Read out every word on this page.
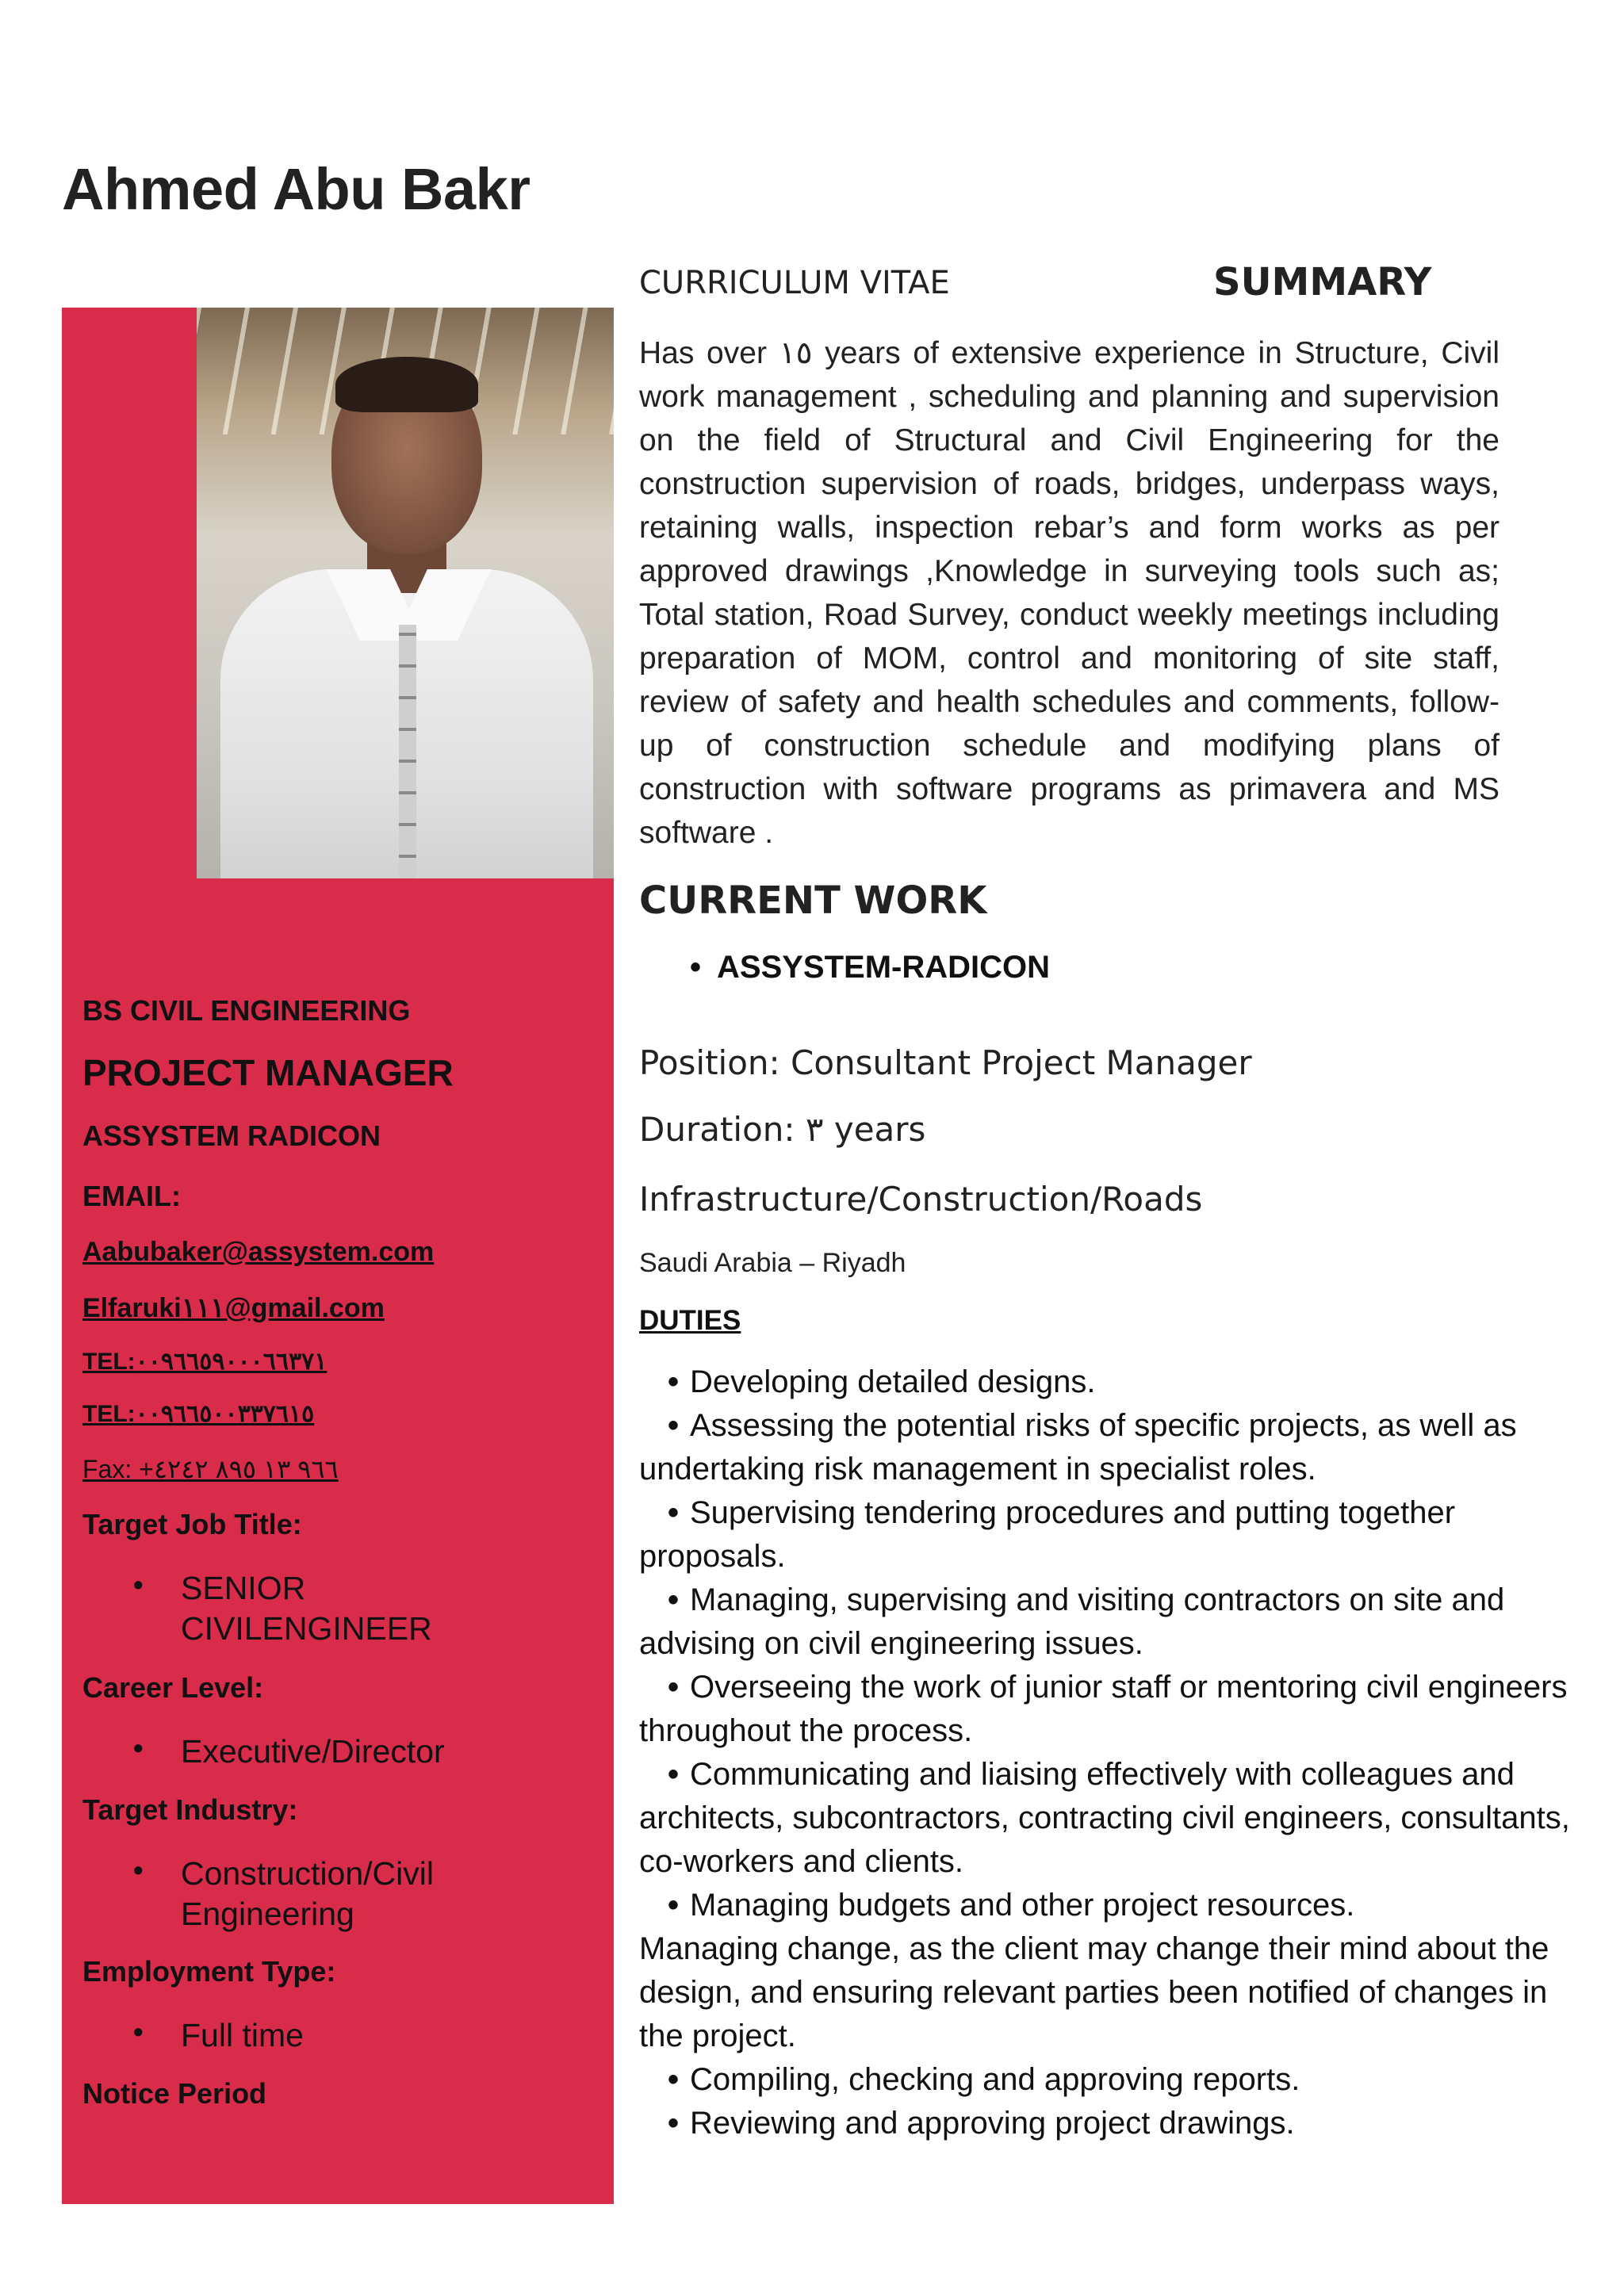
Ahmed Abu Bakr
BS CIVIL ENGINEERING
PROJECT MANAGER
ASSYSTEM RADICON
EMAIL:
Aabubaker@assystem.com
Elfaruki١١١@gmail.com
TEL:٠٠٩٦٦٥٩٠٠٠٦٦٣٧١
TEL:٠٠٩٦٦٥٠٠٣٣٧٦١٥
Fax: +٩٦٦ ١٣ ٨٩٥ ٤٢٤٢
Target Job Title:
•	SENIOR CIVILENGINEER
Career Level:
•	Executive/Director
Target Industry:
•	Construction/Civil Engineering
Employment Type:
•	Full time
Notice Period
CURRICULUM VITAE	SUMMARY
Has over ١٥ years of extensive experience in Structure, Civil work management , scheduling and planning and supervision on the field of Structural and Civil Engineering for the construction supervision of roads, bridges, underpass ways, retaining walls, inspection rebar’s and form works as per approved drawings ,Knowledge in surveying tools such as; Total station, Road Survey, conduct weekly meetings including preparation of MOM, control and monitoring of site staff, review of safety and health schedules and comments, follow-up of construction schedule and modifying plans of construction with software programs as primavera and MS software .
CURRENT WORK
• ASSYSTEM-RADICON
Position: Consultant Project Manager
Duration: ٣ years
Infrastructure/Construction/Roads
Saudi Arabia – Riyadh
DUTIES
• Developing detailed designs.
• Assessing the potential risks of specific projects, as well as undertaking risk management in specialist roles.
• Supervising tendering procedures and putting together proposals.
• Managing, supervising and visiting contractors on site and advising on civil engineering issues.
• Overseeing the work of junior staff or mentoring civil engineers throughout the process.
• Communicating and liaising effectively with colleagues and architects, subcontractors, contracting civil engineers, consultants, co-workers and clients.
• Managing budgets and other project resources.
Managing change, as the client may change their mind about the design, and ensuring relevant parties been notified of changes in the project.
• Compiling, checking and approving reports.
• Reviewing and approving project drawings.
